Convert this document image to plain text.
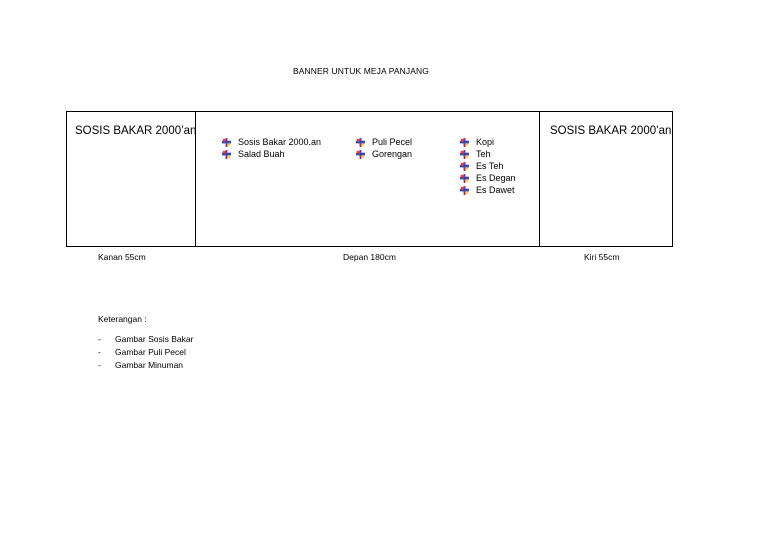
BANNER UNTUK MEJA PANJANG
SOSIS BAKAR 2000’an
Sosis Bakar 2000.an
Salad Buah
Puli Pecel
Gorengan
Kopi
Teh
Es Teh
Es Degan
Es Dawet
SOSIS BAKAR 2000’an
Kanan 55cm	Depan 180cm	Kiri 55cm
Keterangan :
- Gambar Sosis Bakar
- Gambar Puli Pecel
- Gambar Minuman
